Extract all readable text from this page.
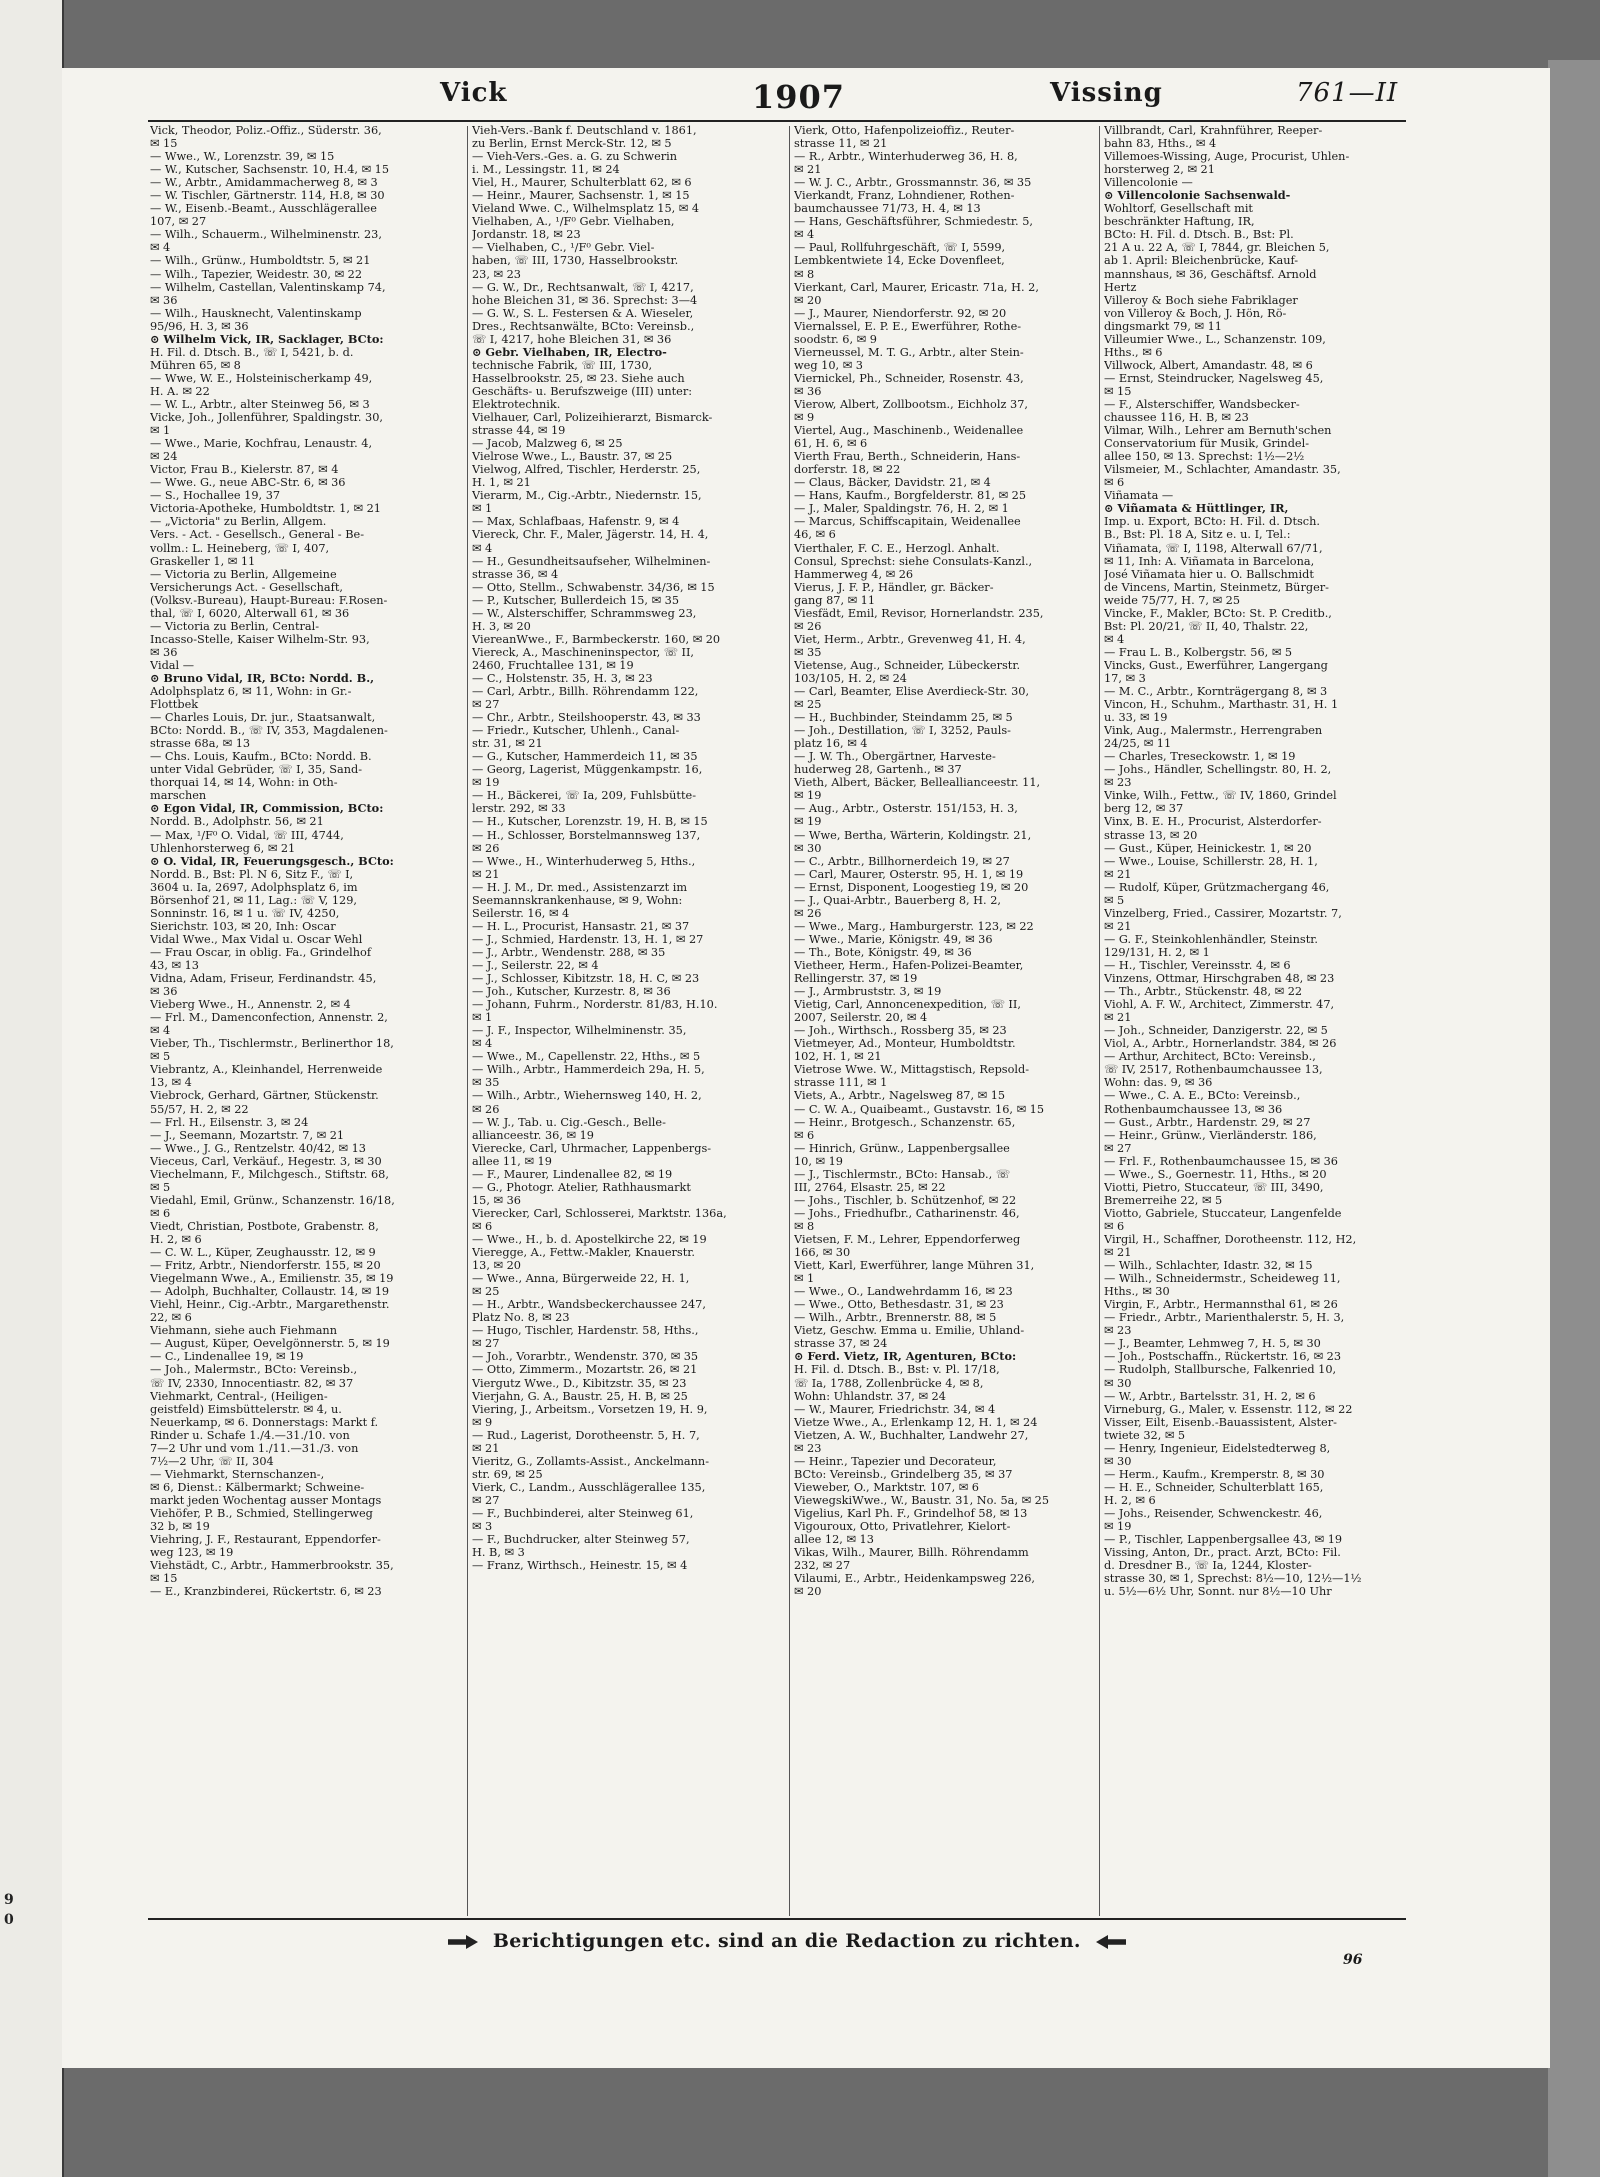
9
0
Vick	1907	Vissing	761—II
Vick, Theodor, Poliz.-Offiz., Süderstr. 36,
✉ 15
— Wwe., W., Lorenzstr. 39, ✉ 15
— W., Kutscher, Sachsenstr. 10, H.4, ✉ 15
— W., Arbtr., Amidammacherweg 8, ✉ 3
— W. Tischler, Gärtnerstr. 114, H.8, ✉ 30
— W., Eisenb.-Beamt., Ausschlägerallee
107, ✉ 27
— Wilh., Schauerm., Wilhelminenstr. 23,
✉ 4
— Wilh., Grünw., Humboldtstr. 5, ✉ 21
— Wilh., Tapezier, Weidestr. 30, ✉ 22
— Wilhelm, Castellan, Valentinskamp 74,
✉ 36
— Wilh., Hausknecht, Valentinskamp
95/96, H. 3, ✉ 36
⊙ Wilhelm Vick, IR, Sacklager, BCto:
H. Fil. d. Dtsch. B., ☏ I, 5421, b. d.
Mühren 65, ✉ 8
— Wwe, W. E., Holsteinischerkamp 49,
H. A. ✉ 22
— W. L., Arbtr., alter Steinweg 56, ✉ 3
Vicke, Joh., Jollenführer, Spaldingstr. 30,
✉ 1
— Wwe., Marie, Kochfrau, Lenaustr. 4,
✉ 24
Victor, Frau B., Kielerstr. 87, ✉ 4
— Wwe. G., neue ABC-Str. 6, ✉ 36
— S., Hochallee 19, 37
Victoria-Apotheke, Humboldtstr. 1, ✉ 21
— „Victoria" zu Berlin, Allgem.
Vers. - Act. - Gesellsch., General - Be-
vollm.: L. Heineberg, ☏ I, 407,
Graskeller 1, ✉ 11
— Victoria zu Berlin, Allgemeine
Versicherungs Act. - Gesellschaft,
(Volksv.-Bureau), Haupt-Bureau: F.Rosen-
thal, ☏ I, 6020, Alterwall 61, ✉ 36
— Victoria zu Berlin, Central-
Incasso-Stelle, Kaiser Wilhelm-Str. 93,
✉ 36
Vidal —
⊙ Bruno Vidal, IR, BCto: Nordd. B.,
Adolphsplatz 6, ✉ 11, Wohn: in Gr.-
Flottbek
— Charles Louis, Dr. jur., Staatsanwalt,
BCto: Nordd. B., ☏ IV, 353, Magdalenen-
strasse 68a, ✉ 13
— Chs. Louis, Kaufm., BCto: Nordd. B.
unter Vidal Gebrüder, ☏ I, 35, Sand-
thorquai 14, ✉ 14, Wohn: in Oth-
marschen
⊙ Egon Vidal, IR, Commission, BCto:
Nordd. B., Adolphstr. 56, ✉ 21
— Max, ¹/F⁰ O. Vidal, ☏ III, 4744,
Uhlenhorsterweg 6, ✉ 21
⊙ O. Vidal, IR, Feuerungsgesch., BCto:
Nordd. B., Bst: Pl. N 6, Sitz F., ☏ I,
3604 u. Ia, 2697, Adolphsplatz 6, im
Börsenhof 21, ✉ 11, Lag.: ☏ V, 129,
Sonninstr. 16, ✉ 1 u. ☏ IV, 4250,
Sierichstr. 103, ✉ 20, Inh: Oscar
Vidal Wwe., Max Vidal u. Oscar Wehl
— Frau Oscar, in oblig. Fa., Grindelhof
43, ✉ 13
Vidna, Adam, Friseur, Ferdinandstr. 45,
✉ 36
Vieberg Wwe., H., Annenstr. 2, ✉ 4
— Frl. M., Damenconfection, Annenstr. 2,
✉ 4
Vieber, Th., Tischlermstr., Berlinerthor 18,
✉ 5
Viebrantz, A., Kleinhandel, Herrenweide
13, ✉ 4
Viebrock, Gerhard, Gärtner, Stückenstr.
55/57, H. 2, ✉ 22
— Frl. H., Eilsenstr. 3, ✉ 24
— J., Seemann, Mozartstr. 7, ✉ 21
— Wwe., J. G., Rentzelstr. 40/42, ✉ 13
Vieceus, Carl, Verkäuf., Hegestr. 3, ✉ 30
Viechelmann, F., Milchgesch., Stiftstr. 68,
✉ 5
Viedahl, Emil, Grünw., Schanzenstr. 16/18,
✉ 6
Viedt, Christian, Postbote, Grabenstr. 8,
H. 2, ✉ 6
— C. W. L., Küper, Zeughausstr. 12, ✉ 9
— Fritz, Arbtr., Niendorferstr. 155, ✉ 20
Viegelmann Wwe., A., Emilienstr. 35, ✉ 19
— Adolph, Buchhalter, Collaustr. 14, ✉ 19
Viehl, Heinr., Cig.-Arbtr., Margarethenstr.
22, ✉ 6
Viehmann, siehe auch Fiehmann
— August, Küper, Oevelgönnerstr. 5, ✉ 19
— C., Lindenallee 19, ✉ 19
— Joh., Malermstr., BCto: Vereinsb.,
☏ IV, 2330, Innocentiastr. 82, ✉ 37
Viehmarkt, Central-, (Heiligen-
geistfeld) Eimsbüttelerstr. ✉ 4, u.
Neuerkamp, ✉ 6. Donnerstags: Markt f.
Rinder u. Schafe 1./4.—31./10. von
7—2 Uhr und vom 1./11.—31./3. von
7½—2 Uhr, ☏ II, 304
— Viehmarkt, Sternschanzen-,
✉ 6, Dienst.: Kälbermarkt; Schweine-
markt jeden Wochentag ausser Montags
Viehöfer, P. B., Schmied, Stellingerweg
32 b, ✉ 19
Viehring, J. F., Restaurant, Eppendorfer-
weg 123, ✉ 19
Viehstädt, C., Arbtr., Hammerbrookstr. 35,
✉ 15
— E., Kranzbinderei, Rückertstr. 6, ✉ 23
Vieh-Vers.-Bank f. Deutschland v. 1861,
zu Berlin, Ernst Merck-Str. 12, ✉ 5
— Vieh-Vers.-Ges. a. G. zu Schwerin
i. M., Lessingstr. 11, ✉ 24
Viel, H., Maurer, Schulterblatt 62, ✉ 6
— Heinr., Maurer, Sachsenstr. 1, ✉ 15
Vieland Wwe. C., Wilhelmsplatz 15, ✉ 4
Vielhaben, A., ¹/F⁰ Gebr. Vielhaben,
Jordanstr. 18, ✉ 23
— Vielhaben, C., ¹/F⁰ Gebr. Viel-
haben, ☏ III, 1730, Hasselbrookstr.
23, ✉ 23
— G. W., Dr., Rechtsanwalt, ☏ I, 4217,
hohe Bleichen 31, ✉ 36. Sprechst: 3—4
— G. W., S. L. Festersen & A. Wieseler,
Dres., Rechtsanwälte, BCto: Vereinsb.,
☏ I, 4217, hohe Bleichen 31, ✉ 36
⊙ Gebr. Vielhaben, IR, Electro-
technische Fabrik, ☏ III, 1730,
Hasselbrookstr. 25, ✉ 23. Siehe auch
Geschäfts- u. Berufszweige (III) unter:
Elektrotechnik.
Vielhauer, Carl, Polizeihierarzt, Bismarck-
strasse 44, ✉ 19
— Jacob, Malzweg 6, ✉ 25
Vielrose Wwe., L., Baustr. 37, ✉ 25
Vielwog, Alfred, Tischler, Herderstr. 25,
H. 1, ✉ 21
Vierarm, M., Cig.-Arbtr., Niedernstr. 15,
✉ 1
— Max, Schlafbaas, Hafenstr. 9, ✉ 4
Viereck, Chr. F., Maler, Jägerstr. 14, H. 4,
✉ 4
— H., Gesundheitsaufseher, Wilhelminen-
strasse 36, ✉ 4
— Otto, Stellm., Schwabenstr. 34/36, ✉ 15
— P., Kutscher, Bullerdeich 15, ✉ 35
— W., Alsterschiffer, Schrammsweg 23,
H. 3, ✉ 20
ViereanWwe., F., Barmbeckerstr. 160, ✉ 20
Viereck, A., Maschineninspector, ☏ II,
2460, Fruchtallee 131, ✉ 19
— C., Holstenstr. 35, H. 3, ✉ 23
— Carl, Arbtr., Billh. Röhrendamm 122,
✉ 27
— Chr., Arbtr., Steilshooperstr. 43, ✉ 33
— Friedr., Kutscher, Uhlenh., Canal-
str. 31, ✉ 21
— G., Kutscher, Hammerdeich 11, ✉ 35
— Georg, Lagerist, Müggenkampstr. 16,
✉ 19
— H., Bäckerei, ☏ Ia, 209, Fuhlsbütte-
lerstr. 292, ✉ 33
— H., Kutscher, Lorenzstr. 19, H. B, ✉ 15
— H., Schlosser, Borstelmannsweg 137,
✉ 26
— Wwe., H., Winterhuderweg 5, Hths.,
✉ 21
— H. J. M., Dr. med., Assistenzarzt im
Seemannskrankenhause, ✉ 9, Wohn:
Seilerstr. 16, ✉ 4
— H. L., Procurist, Hansastr. 21, ✉ 37
— J., Schmied, Hardenstr. 13, H. 1, ✉ 27
— J., Arbtr., Wendenstr. 288, ✉ 35
— J., Seilerstr. 22, ✉ 4
— J., Schlosser, Kibitzstr. 18, H. C, ✉ 23
— Joh., Kutscher, Kurzestr. 8, ✉ 36
— Johann, Fuhrm., Norderstr. 81/83, H.10.
✉ 1
— J. F., Inspector, Wilhelminenstr. 35,
✉ 4
— Wwe., M., Capellenstr. 22, Hths., ✉ 5
— Wilh., Arbtr., Hammerdeich 29a, H. 5,
✉ 35
— Wilh., Arbtr., Wiehernsweg 140, H. 2,
✉ 26
— W. J., Tab. u. Cig.-Gesch., Belle-
allianceestr. 36, ✉ 19
Vierecke, Carl, Uhrmacher, Lappenbergs-
allee 11, ✉ 19
— F., Maurer, Lindenallee 82, ✉ 19
— G., Photogr. Atelier, Rathhausmarkt
15, ✉ 36
Vierecker, Carl, Schlosserei, Marktstr. 136a,
✉ 6
— Wwe., H., b. d. Apostelkirche 22, ✉ 19
Vieregge, A., Fettw.-Makler, Knauerstr.
13, ✉ 20
— Wwe., Anna, Bürgerweide 22, H. 1,
✉ 25
— H., Arbtr., Wandsbeckerchaussee 247,
Platz No. 8, ✉ 23
— Hugo, Tischler, Hardenstr. 58, Hths.,
✉ 27
— Joh., Vorarbtr., Wendenstr. 370, ✉ 35
— Otto, Zimmerm., Mozartstr. 26, ✉ 21
Viergutz Wwe., D., Kibitzstr. 35, ✉ 23
Vierjahn, G. A., Baustr. 25, H. B, ✉ 25
Viering, J., Arbeitsm., Vorsetzen 19, H. 9,
✉ 9
— Rud., Lagerist, Dorotheenstr. 5, H. 7,
✉ 21
Vieritz, G., Zollamts-Assist., Anckelmann-
str. 69, ✉ 25
Vierk, C., Landm., Ausschlägerallee 135,
✉ 27
— F., Buchbinderei, alter Steinweg 61,
✉ 3
— F., Buchdrucker, alter Steinweg 57,
H. B, ✉ 3
— Franz, Wirthsch., Heinestr. 15, ✉ 4
Vierk, Otto, Hafenpolizeioffiz., Reuter-
strasse 11, ✉ 21
— R., Arbtr., Winterhuderweg 36, H. 8,
✉ 21
— W. J. C., Arbtr., Grossmannstr. 36, ✉ 35
Vierkandt, Franz, Lohndiener, Rothen-
baumchaussee 71/73, H. 4, ✉ 13
— Hans, Geschäftsführer, Schmiedestr. 5,
✉ 4
— Paul, Rollfuhrgeschäft, ☏ I, 5599,
Lembkentwiete 14, Ecke Dovenfleet,
✉ 8
Vierkant, Carl, Maurer, Ericastr. 71a, H. 2,
✉ 20
— J., Maurer, Niendorferstr. 92, ✉ 20
Viernalssel, E. P. E., Ewerführer, Rothe-
soodstr. 6, ✉ 9
Vierneussel, M. T. G., Arbtr., alter Stein-
weg 10, ✉ 3
Viernickel, Ph., Schneider, Rosenstr. 43,
✉ 36
Vierow, Albert, Zollbootsm., Eichholz 37,
✉ 9
Viertel, Aug., Maschinenb., Weidenallee
61, H. 6, ✉ 6
Vierth Frau, Berth., Schneiderin, Hans-
dorferstr. 18, ✉ 22
— Claus, Bäcker, Davidstr. 21, ✉ 4
— Hans, Kaufm., Borgfelderstr. 81, ✉ 25
— J., Maler, Spaldingstr. 76, H. 2, ✉ 1
— Marcus, Schiffscapitain, Weidenallee
46, ✉ 6
Vierthaler, F. C. E., Herzogl. Anhalt.
Consul, Sprechst: siehe Consulats-Kanzl.,
Hammerweg 4, ✉ 26
Vierus, J. F. P., Händler, gr. Bäcker-
gang 87, ✉ 11
Viesfädt, Emil, Revisor, Hornerlandstr. 235,
✉ 26
Viet, Herm., Arbtr., Grevenweg 41, H. 4,
✉ 35
Vietense, Aug., Schneider, Lübeckerstr.
103/105, H. 2, ✉ 24
— Carl, Beamter, Elise Averdieck-Str. 30,
✉ 25
— H., Buchbinder, Steindamm 25, ✉ 5
— Joh., Destillation, ☏ I, 3252, Pauls-
platz 16, ✉ 4
— J. W. Th., Obergärtner, Harveste-
huderweg 28, Gartenh., ✉ 37
Vieth, Albert, Bäcker, Belleallianceestr. 11,
✉ 19
— Aug., Arbtr., Osterstr. 151/153, H. 3,
✉ 19
— Wwe, Bertha, Wärterin, Koldingstr. 21,
✉ 30
— C., Arbtr., Billhornerdeich 19, ✉ 27
— Carl, Maurer, Osterstr. 95, H. 1, ✉ 19
— Ernst, Disponent, Loogestieg 19, ✉ 20
— J., Quai-Arbtr., Bauerberg 8, H. 2,
✉ 26
— Wwe., Marg., Hamburgerstr. 123, ✉ 22
— Wwe., Marie, Königstr. 49, ✉ 36
— Th., Bote, Königstr. 49, ✉ 36
Vietheer, Herm., Hafen-Polizei-Beamter,
Rellingerstr. 37, ✉ 19
— J., Armbruststr. 3, ✉ 19
Vietig, Carl, Annoncenexpedition, ☏ II,
2007, Seilerstr. 20, ✉ 4
— Joh., Wirthsch., Rossberg 35, ✉ 23
Vietmeyer, Ad., Monteur, Humboldtstr.
102, H. 1, ✉ 21
Vietrose Wwe. W., Mittagstisch, Repsold-
strasse 111, ✉ 1
Viets, A., Arbtr., Nagelsweg 87, ✉ 15
— C. W. A., Quaibeamt., Gustavstr. 16, ✉ 15
— Heinr., Brotgesch., Schanzenstr. 65,
✉ 6
— Hinrich, Grünw., Lappenbergsallee
10, ✉ 19
— J., Tischlermstr., BCto: Hansab., ☏
III, 2764, Elsastr. 25, ✉ 22
— Johs., Tischler, b. Schützenhof, ✉ 22
— Johs., Friedhufbr., Catharinenstr. 46,
✉ 8
Vietsen, F. M., Lehrer, Eppendorferweg
166, ✉ 30
Viett, Karl, Ewerführer, lange Mühren 31,
✉ 1
— Wwe., O., Landwehrdamm 16, ✉ 23
— Wwe., Otto, Bethesdastr. 31, ✉ 23
— Wilh., Arbtr., Brennerstr. 88, ✉ 5
Vietz, Geschw. Emma u. Emilie, Uhland-
strasse 37, ✉ 24
⊙ Ferd. Vietz, IR, Agenturen, BCto:
H. Fil. d. Dtsch. B., Bst: v. Pl. 17/18,
☏ Ia, 1788, Zollenbrücke 4, ✉ 8,
Wohn: Uhlandstr. 37, ✉ 24
— W., Maurer, Friedrichstr. 34, ✉ 4
Vietze Wwe., A., Erlenkamp 12, H. 1, ✉ 24
Vietzen, A. W., Buchhalter, Landwehr 27,
✉ 23
— Heinr., Tapezier und Decorateur,
BCto: Vereinsb., Grindelberg 35, ✉ 37
Vieweber, O., Marktstr. 107, ✉ 6
ViewegskiWwe., W., Baustr. 31, No. 5a, ✉ 25
Vigelius, Karl Ph. F., Grindelhof 58, ✉ 13
Vigouroux, Otto, Privatlehrer, Kielort-
allee 12, ✉ 13
Vikas, Wilh., Maurer, Billh. Röhrendamm
232, ✉ 27
Vilaumi, E., Arbtr., Heidenkampsweg 226,
✉ 20
Villbrandt, Carl, Krahnführer, Reeper-
bahn 83, Hths., ✉ 4
Villemoes-Wissing, Auge, Procurist, Uhlen-
horsterweg 2, ✉ 21
Villencolonie —
⊙ Villencolonie Sachsenwald-
Wohltorf, Gesellschaft mit
beschränkter Haftung, IR,
BCto: H. Fil. d. Dtsch. B., Bst: Pl.
21 A u. 22 A, ☏ I, 7844, gr. Bleichen 5,
ab 1. April: Bleichenbrücke, Kauf-
mannshaus, ✉ 36, Geschäftsf. Arnold
Hertz
Villeroy & Boch siehe Fabriklager
von Villeroy & Boch, J. Hön, Rö-
dingsmarkt 79, ✉ 11
Villeumier Wwe., L., Schanzenstr. 109,
Hths., ✉ 6
Villwock, Albert, Amandastr. 48, ✉ 6
— Ernst, Steindrucker, Nagelsweg 45,
✉ 15
— F., Alsterschiffer, Wandsbecker-
chaussee 116, H. B, ✉ 23
Vilmar, Wilh., Lehrer am Bernuth'schen
Conservatorium für Musik, Grindel-
allee 150, ✉ 13. Sprechst: 1½—2½
Vilsmeier, M., Schlachter, Amandastr. 35,
✉ 6
Viñamata —
⊙ Viñamata & Hüttlinger, IR,
Imp. u. Export, BCto: H. Fil. d. Dtsch.
B., Bst: Pl. 18 A, Sitz e. u. I, Tel.:
Viñamata, ☏ I, 1198, Alterwall 67/71,
✉ 11, Inh: A. Viñamata in Barcelona,
José Viñamata hier u. O. Ballschmidt
de Vincens, Martin, Steinmetz, Bürger-
weide 75/77, H. 7, ✉ 25
Vincke, F., Makler, BCto: St. P. Creditb.,
Bst: Pl. 20/21, ☏ II, 40, Thalstr. 22,
✉ 4
— Frau L. B., Kolbergstr. 56, ✉ 5
Vincks, Gust., Ewerführer, Langergang
17, ✉ 3
— M. C., Arbtr., Kornträgergang 8, ✉ 3
Vincon, H., Schuhm., Marthastr. 31, H. 1
u. 33, ✉ 19
Vink, Aug., Malermstr., Herrengraben
24/25, ✉ 11
— Charles, Treseckowstr. 1, ✉ 19
— Johs., Händler, Schellingstr. 80, H. 2,
✉ 23
Vinke, Wilh., Fettw., ☏ IV, 1860, Grindel
berg 12, ✉ 37
Vinx, B. E. H., Procurist, Alsterdorfer-
strasse 13, ✉ 20
— Gust., Küper, Heinickestr. 1, ✉ 20
— Wwe., Louise, Schillerstr. 28, H. 1,
✉ 21
— Rudolf, Küper, Grützmachergang 46,
✉ 5
Vinzelberg, Fried., Cassirer, Mozartstr. 7,
✉ 21
— G. F., Steinkohlenhändler, Steinstr.
129/131, H. 2, ✉ 1
— H., Tischler, Vereinsstr. 4, ✉ 6
Vinzens, Ottmar, Hirschgraben 48, ✉ 23
— Th., Arbtr., Stückenstr. 48, ✉ 22
Viohl, A. F. W., Architect, Zimmerstr. 47,
✉ 21
— Joh., Schneider, Danzigerstr. 22, ✉ 5
Viol, A., Arbtr., Hornerlandstr. 384, ✉ 26
— Arthur, Architect, BCto: Vereinsb.,
☏ IV, 2517, Rothenbaumchaussee 13,
Wohn: das. 9, ✉ 36
— Wwe., C. A. E., BCto: Vereinsb.,
Rothenbaumchaussee 13, ✉ 36
— Gust., Arbtr., Hardenstr. 29, ✉ 27
— Heinr., Grünw., Vierländerstr. 186,
✉ 27
— Frl. F., Rothenbaumchaussee 15, ✉ 36
— Wwe., S., Goernestr. 11, Hths., ✉ 20
Viotti, Pietro, Stuccateur, ☏ III, 3490,
Bremerreihe 22, ✉ 5
Viotto, Gabriele, Stuccateur, Langenfelde
✉ 6
Virgil, H., Schaffner, Dorotheenstr. 112, H2,
✉ 21
— Wilh., Schlachter, Idastr. 32, ✉ 15
— Wilh., Schneidermstr., Scheideweg 11,
Hths., ✉ 30
Virgin, F., Arbtr., Hermannsthal 61, ✉ 26
— Friedr., Arbtr., Marienthalerstr. 5, H. 3,
✉ 23
— J., Beamter, Lehmweg 7, H. 5, ✉ 30
— Joh., Postschaffn., Rückertstr. 16, ✉ 23
— Rudolph, Stallbursche, Falkenried 10,
✉ 30
— W., Arbtr., Bartelsstr. 31, H. 2, ✉ 6
Virneburg, G., Maler, v. Essenstr. 112, ✉ 22
Visser, Eilt, Eisenb.-Bauassistent, Alster-
twiete 32, ✉ 5
— Henry, Ingenieur, Eidelstedterweg 8,
✉ 30
— Herm., Kaufm., Kremperstr. 8, ✉ 30
— H. E., Schneider, Schulterblatt 165,
H. 2, ✉ 6
— Johs., Reisender, Schwenckestr. 46,
✉ 19
— P., Tischler, Lappenbergsallee 43, ✉ 19
Vissing, Anton, Dr., pract. Arzt, BCto: Fil.
d. Dresdner B., ☏ Ia, 1244, Kloster-
strasse 30, ✉ 1, Sprechst: 8½—10, 12½—1½
u. 5½—6½ Uhr, Sonnt. nur 8½—10 Uhr
Berichtigungen etc. sind an die Redaction zu richten.
96
